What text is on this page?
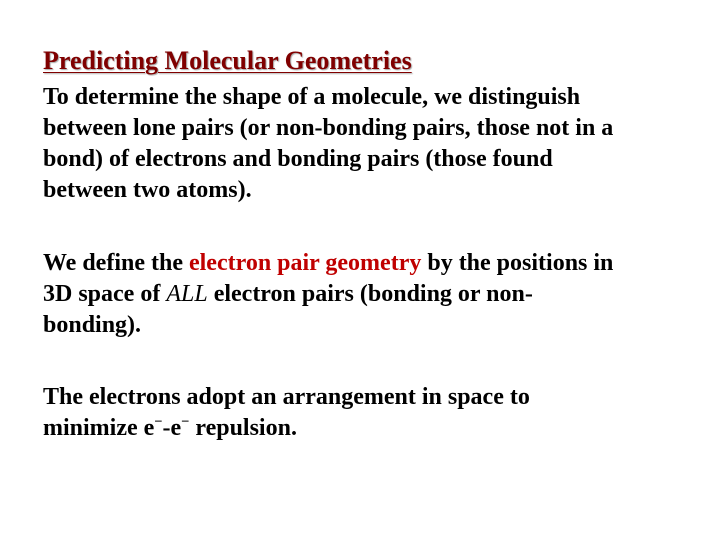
Predicting Molecular Geometries
To determine the shape of a molecule, we distinguish
between lone pairs (or non-bonding pairs, those not in a
bond) of electrons and bonding pairs (those found
between two atoms).
We define the electron pair geometry by the positions in
3D space of ALL electron pairs (bonding or non-
bonding).
The electrons adopt an arrangement in space to
minimize e−-e− repulsion.
